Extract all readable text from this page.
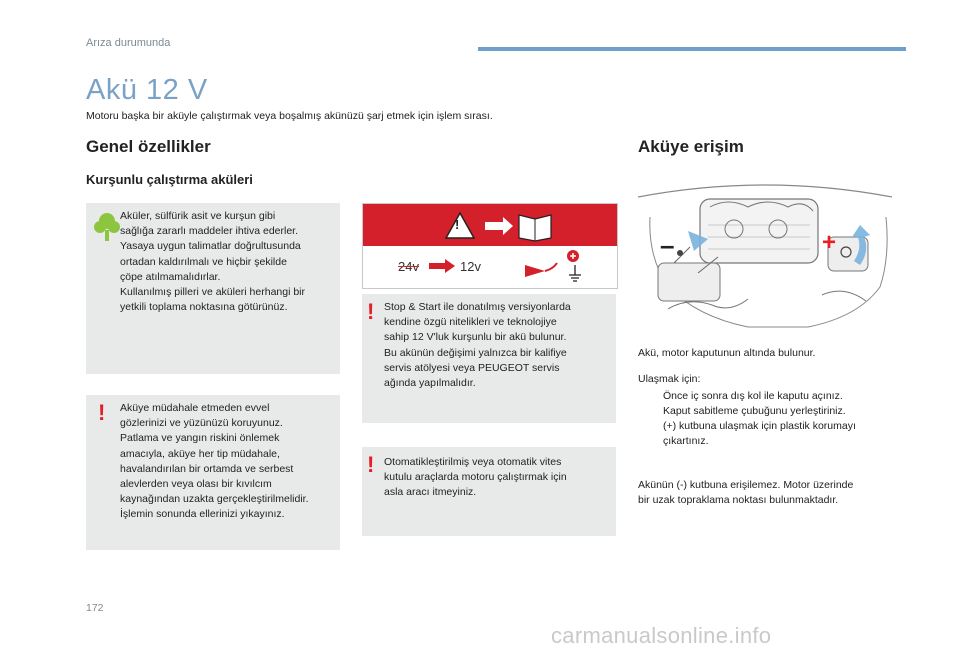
Arıza durumunda
Akü 12 V
Motoru başka bir aküyle çalıştırmak veya boşalmış akünüzü şarj etmek için işlem sırası.
Genel özellikler
Kurşunlu çalıştırma aküleri
Aküler, sülfürik asit ve kurşun gibi
sağlığa zararlı maddeler ihtiva ederler.
Yasaya uygun talimatlar doğrultusunda
ortadan kaldırılmalı ve hiçbir şekilde
çöpe atılmamalıdırlar.
Kullanılmış pilleri ve aküleri herhangi bir
yetkili toplama noktasına götürünüz.
! Aküye müdahale etmeden evvel
gözlerinizi ve yüzünüzü koruyunuz.
Patlama ve yangın riskini önlemek
amacıyla, aküye her tip müdahale,
havalandırılan bir ortamda ve serbest
alevlerden veya olası bir kıvılcım
kaynağından uzakta gerçekleştirilmelidir.
İşlemin sonunda ellerinizi yıkayınız.
!
24v	12v
! Stop & Start ile donatılmış versiyonlarda
kendine özgü nitelikleri ve teknolojiye
sahip 12 V'luk kurşunlu bir akü bulunur.
Bu akünün değişimi yalnızca bir kalifiye
servis atölyesi veya PEUGEOT servis
ağında yapılmalıdır.
! Otomatikleştirilmiş veya otomatik vites
kutulu araçlarda motoru çalıştırmak için
asla aracı itmeyiniz.
Aküye erişim
–	+
Akü, motor kaputunun altında bulunur.
Ulaşmak için:
Önce iç sonra dış kol ile kaputu açınız.
Kaput sabitleme çubuğunu yerleştiriniz.
(+) kutbuna ulaşmak için plastik korumayı
çıkartınız.
Akünün (-) kutbuna erişilemez. Motor üzerinde
bir uzak topraklama noktası bulunmaktadır.
172
carmanualsonline.info
